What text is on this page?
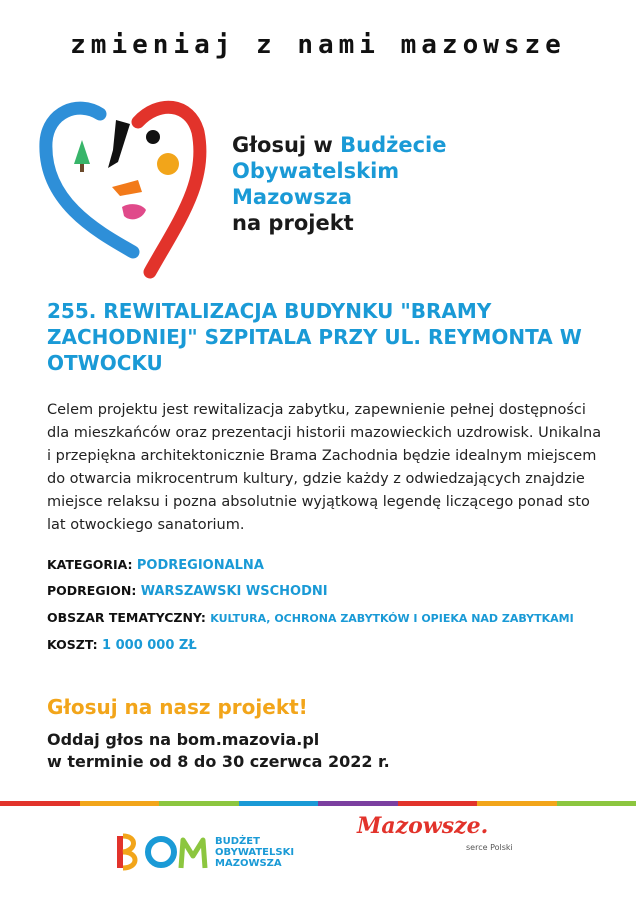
zmieniaj z nami mazowsze
Głosuj w Budżecie
Obywatelskim
Mazowsza
na projekt
255. REWITALIZACJA BUDYNKU "BRAMY ZACHODNIEJ" SZPITALA PRZY UL. REYMONTA W OTWOCKU
Celem projektu jest rewitalizacja zabytku, zapewnienie pełnej dostępności dla mieszkańców oraz prezentacji historii mazowieckich uzdrowisk. Unikalna i przepiękna architektonicznie Brama Zachodnia będzie idealnym miejscem do otwarcia mikrocentrum kultury, gdzie każdy z odwiedzających znajdzie miejsce relaksu i pozna absolutnie wyjątkową legendę liczącego ponad sto lat otwockiego sanatorium.
KATEGORIA: PODREGIONALNA
PODREGION: WARSZAWSKI WSCHODNI
OBSZAR TEMATYCZNY: KULTURA, OCHRONA ZABYTKÓW I OPIEKA NAD ZABYTKAMI
KOSZT: 1 000 000 ZŁ
Głosuj na nasz projekt!
Oddaj głos na bom.mazovia.pl
w terminie od 8 do 30 czerwca 2022 r.
BUDŻET
OBYWATELSKI
MAZOWSZA
Mazowsze.
serce Polski
